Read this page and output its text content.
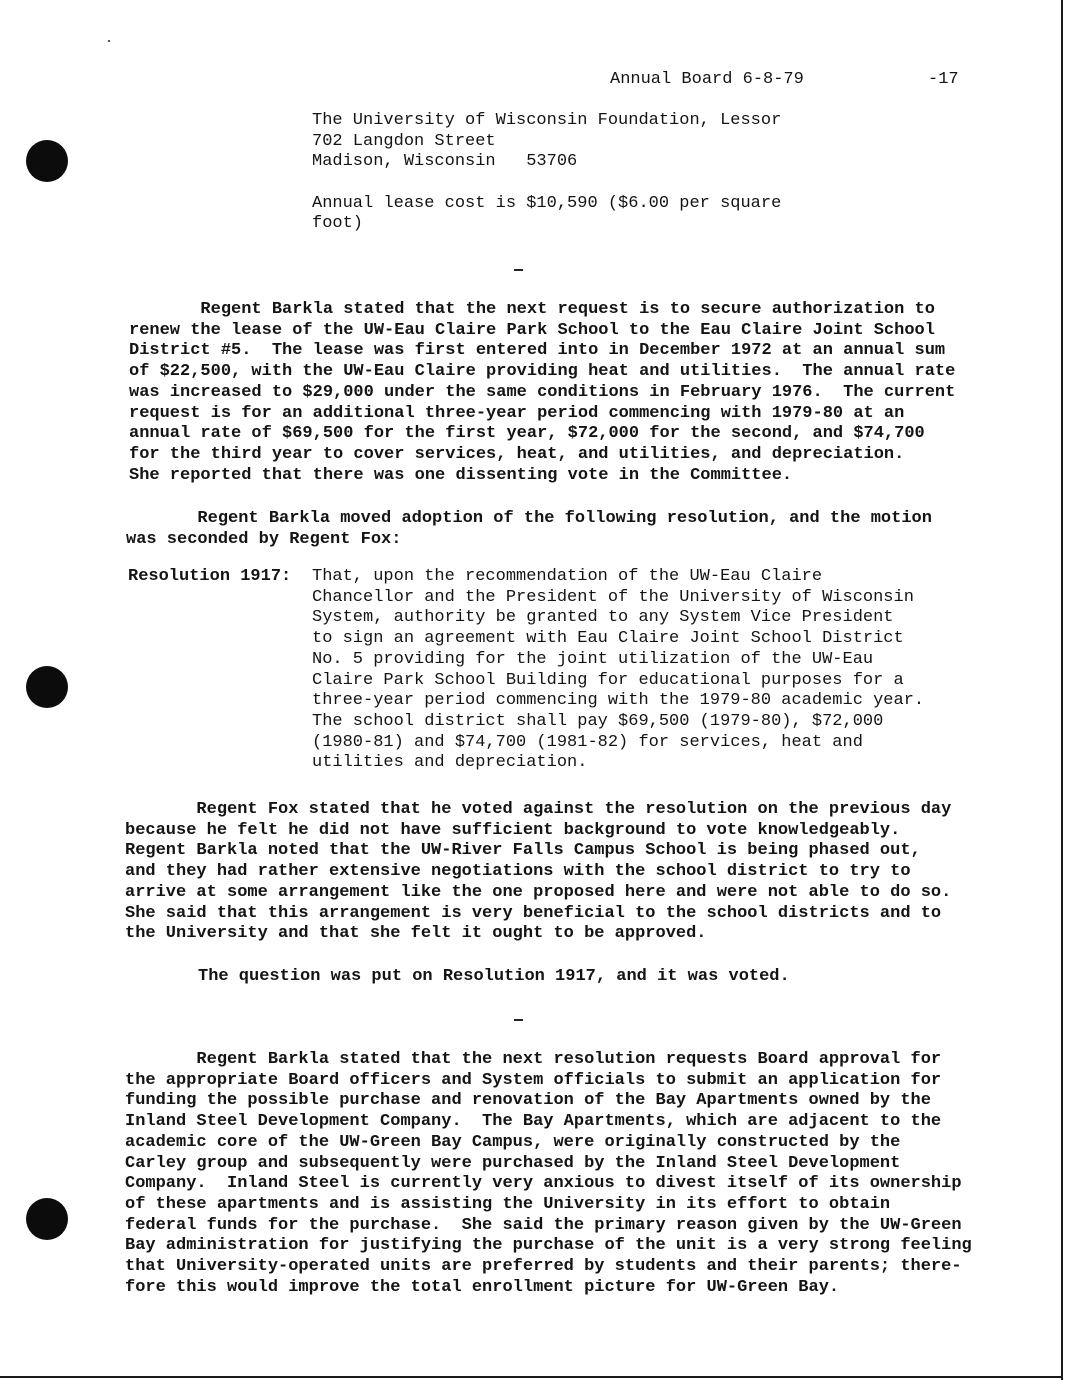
Annual Board 6-8-79	-17
The University of Wisconsin Foundation, Lessor
702 Langdon Street
Madison, Wisconsin   53706
Annual lease cost is $10,590 ($6.00 per square
foot)
Regent Barkla stated that the next request is to secure authorization to
renew the lease of the UW-Eau Claire Park School to the Eau Claire Joint School
District #5.  The lease was first entered into in December 1972 at an annual sum
of $22,500, with the UW-Eau Claire providing heat and utilities.  The annual rate
was increased to $29,000 under the same conditions in February 1976.  The current
request is for an additional three-year period commencing with 1979-80 at an
annual rate of $69,500 for the first year, $72,000 for the second, and $74,700
for the third year to cover services, heat, and utilities, and depreciation.
She reported that there was one dissenting vote in the Committee.
Regent Barkla moved adoption of the following resolution, and the motion
was seconded by Regent Fox:
Resolution 1917: That, upon the recommendation of the UW-Eau Claire
Chancellor and the President of the University of Wisconsin
System, authority be granted to any System Vice President
to sign an agreement with Eau Claire Joint School District
No. 5 providing for the joint utilization of the UW-Eau
Claire Park School Building for educational purposes for a
three-year period commencing with the 1979-80 academic year.
The school district shall pay $69,500 (1979-80), $72,000
(1980-81) and $74,700 (1981-82) for services, heat and
utilities and depreciation.
Regent Fox stated that he voted against the resolution on the previous day
because he felt he did not have sufficient background to vote knowledgeably.
Regent Barkla noted that the UW-River Falls Campus School is being phased out,
and they had rather extensive negotiations with the school district to try to
arrive at some arrangement like the one proposed here and were not able to do so.
She said that this arrangement is very beneficial to the school districts and to
the University and that she felt it ought to be approved.
The question was put on Resolution 1917, and it was voted.
Regent Barkla stated that the next resolution requests Board approval for
the appropriate Board officers and System officials to submit an application for
funding the possible purchase and renovation of the Bay Apartments owned by the
Inland Steel Development Company.  The Bay Apartments, which are adjacent to the
academic core of the UW-Green Bay Campus, were originally constructed by the
Carley group and subsequently were purchased by the Inland Steel Development
Company.  Inland Steel is currently very anxious to divest itself of its ownership
of these apartments and is assisting the University in its effort to obtain
federal funds for the purchase.  She said the primary reason given by the UW-Green
Bay administration for justifying the purchase of the unit is a very strong feeling
that University-operated units are preferred by students and their parents; there-
fore this would improve the total enrollment picture for UW-Green Bay.
